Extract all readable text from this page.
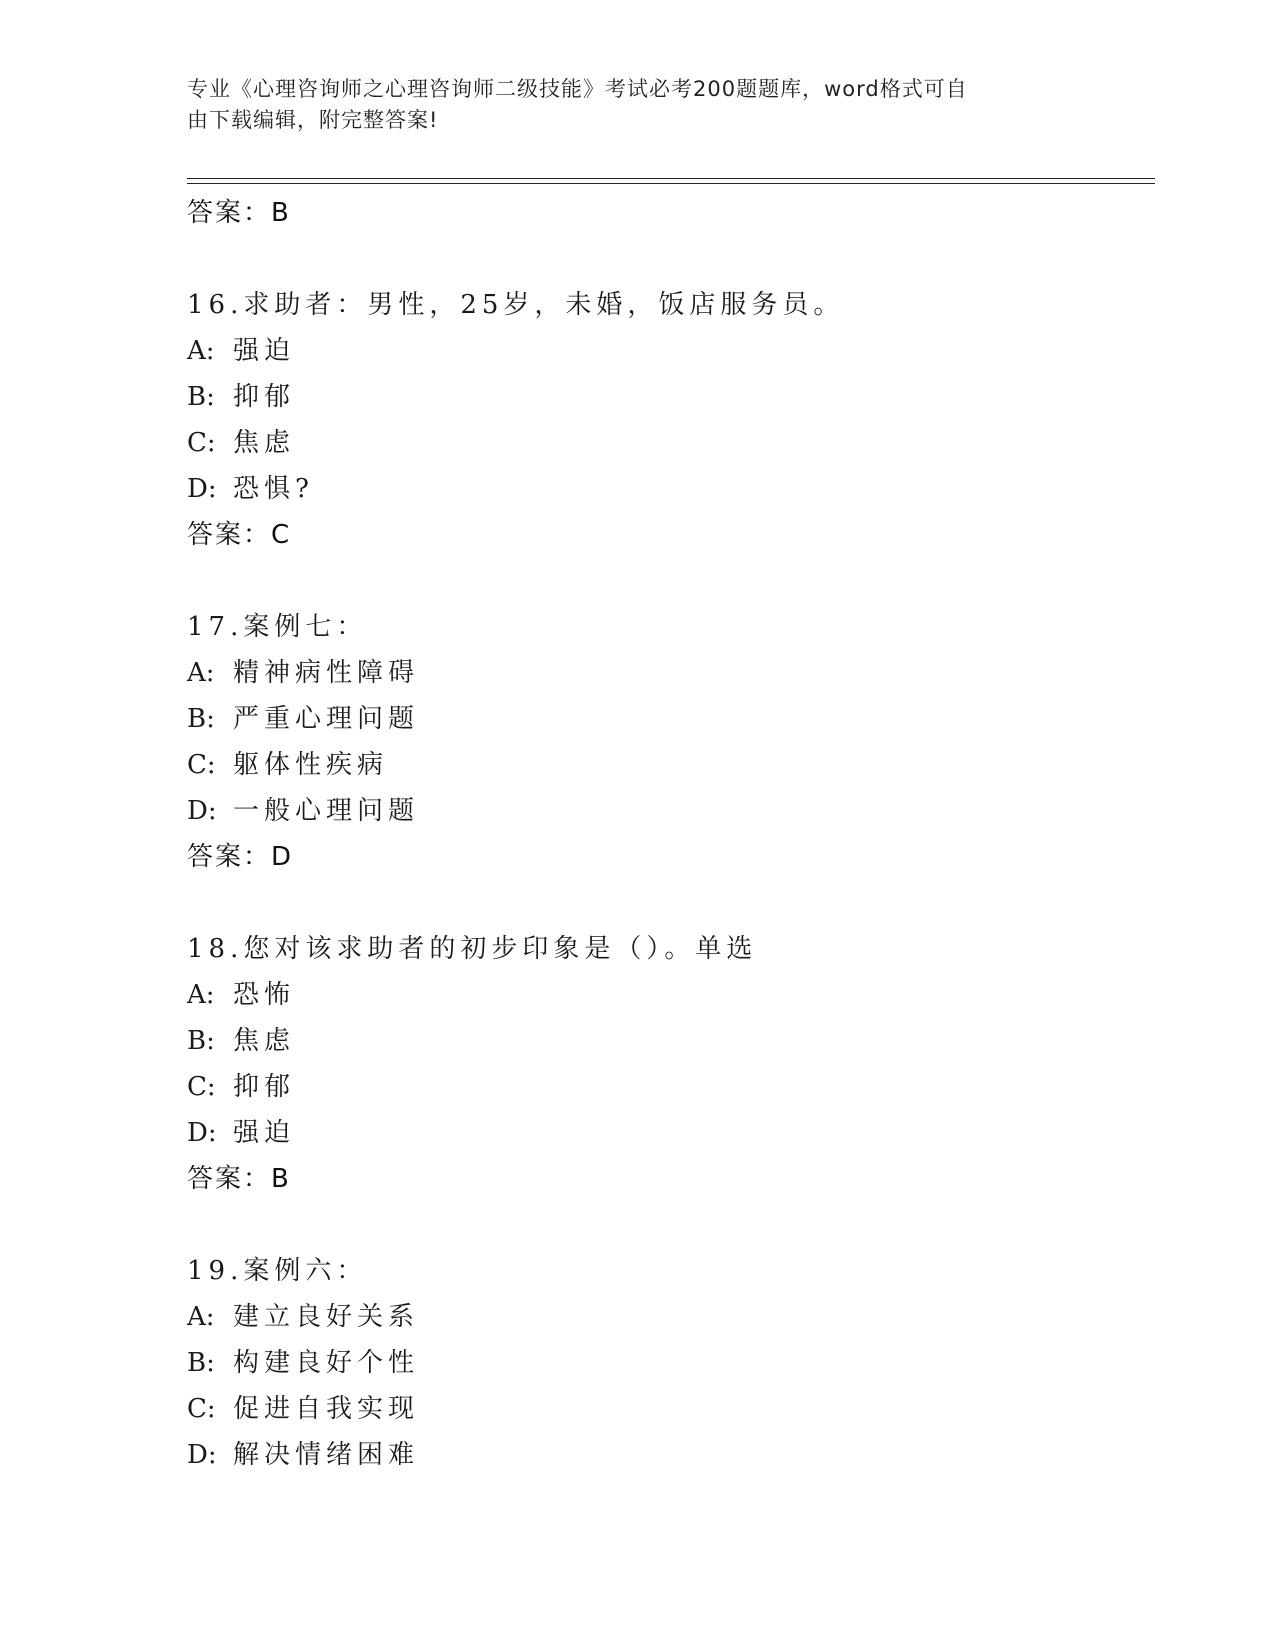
专业《心理咨询师之心理咨询师二级技能》考试必考200题题库，word格式可自
由下载编辑，附完整答案!
答案：B
16.求助者：男性，25岁，未婚，饭店服务员。
A: 强迫
B: 抑郁
C: 焦虑
D: 恐惧?
答案：C
17.案例七：
A: 精神病性障碍
B: 严重心理问题
C: 躯体性疾病
D: 一般心理问题
答案：D
18.您对该求助者的初步印象是（）。单选
A: 恐怖
B: 焦虑
C: 抑郁
D: 强迫
答案：B
19.案例六：
A: 建立良好关系
B: 构建良好个性
C: 促进自我实现
D: 解决情绪困难
